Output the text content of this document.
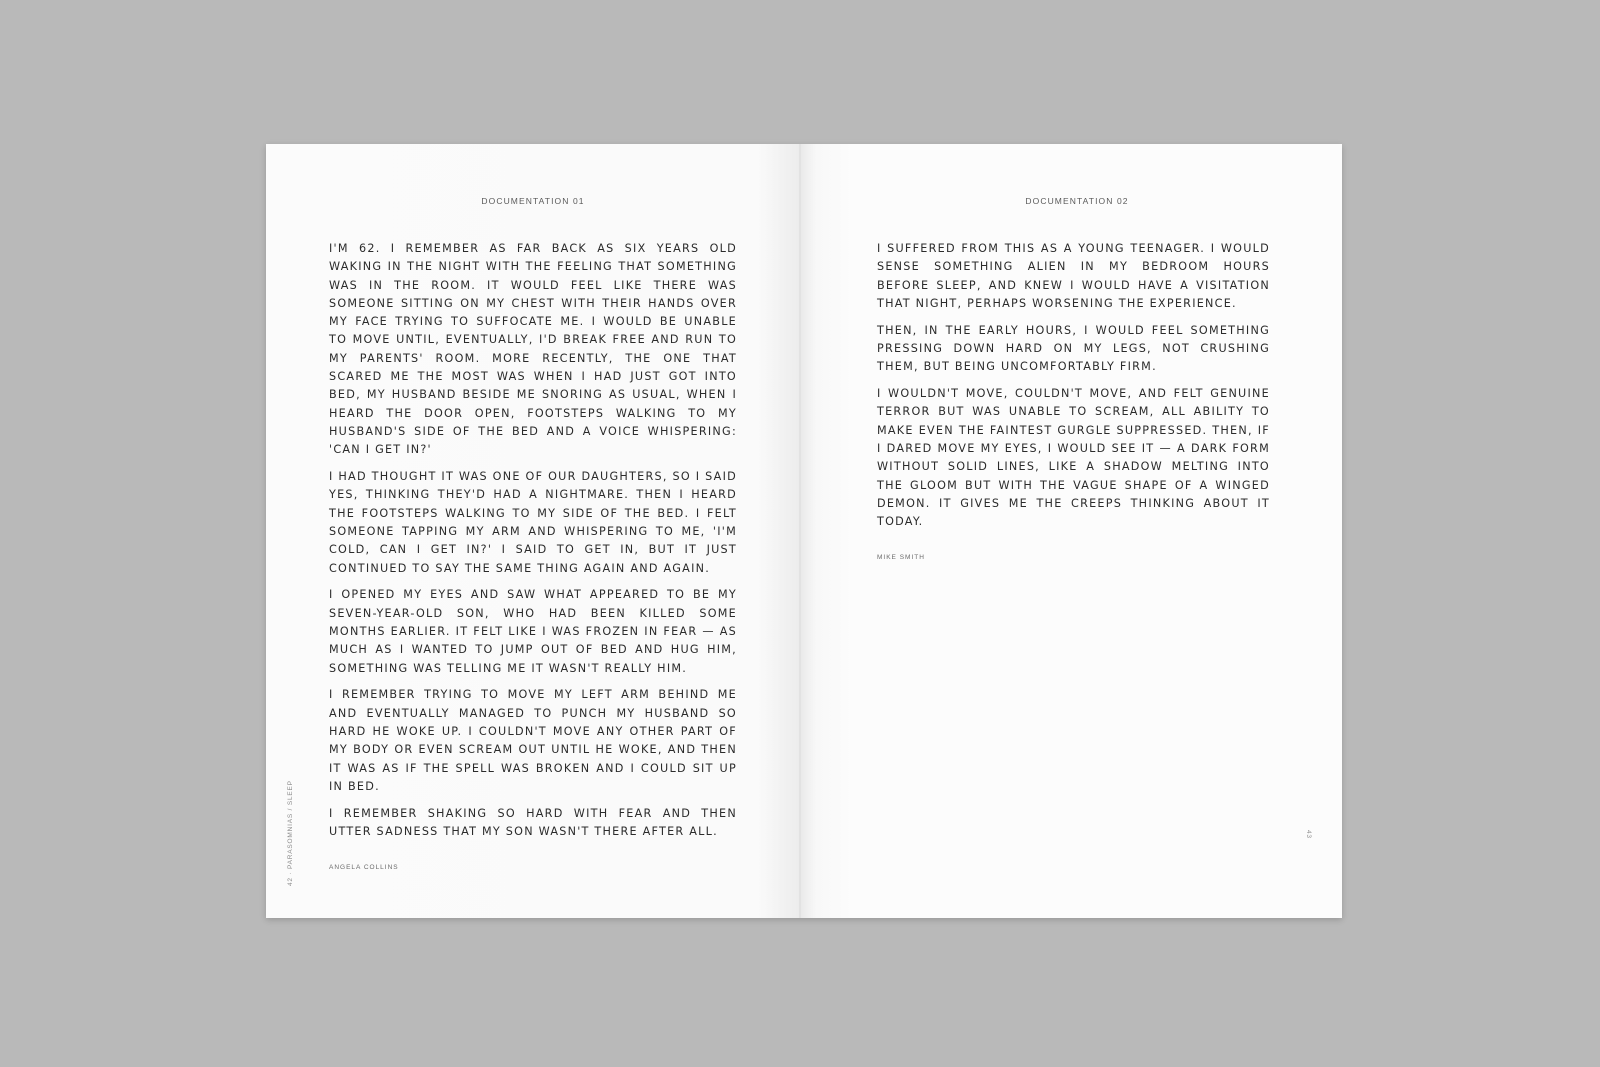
DOCUMENTATION 01

I'M 62. I REMEMBER AS FAR BACK AS SIX YEARS OLD WAKING IN THE NIGHT WITH THE FEELING THAT SOMETHING WAS IN THE ROOM. IT WOULD FEEL LIKE THERE WAS SOMEONE SITTING ON MY CHEST WITH THEIR HANDS OVER MY FACE TRYING TO SUFFOCATE ME. I WOULD BE UNABLE TO MOVE UNTIL, EVENTUALLY, I'D BREAK FREE AND RUN TO MY PARENTS' ROOM. MORE RECENTLY, THE ONE THAT SCARED ME THE MOST WAS WHEN I HAD JUST GOT INTO BED, MY HUSBAND BESIDE ME SNORING AS USUAL, WHEN I HEARD THE DOOR OPEN, FOOTSTEPS WALKING TO MY HUSBAND'S SIDE OF THE BED AND A VOICE WHISPERING: 'CAN I GET IN?'

I HAD THOUGHT IT WAS ONE OF OUR DAUGHTERS, SO I SAID YES, THINKING THEY'D HAD A NIGHTMARE. THEN I HEARD THE FOOTSTEPS WALKING TO MY SIDE OF THE BED. I FELT SOMEONE TAPPING MY ARM AND WHISPERING TO ME, 'I'M COLD, CAN I GET IN?' I SAID TO GET IN, BUT IT JUST CONTINUED TO SAY THE SAME THING AGAIN AND AGAIN.

I OPENED MY EYES AND SAW WHAT APPEARED TO BE MY SEVEN-YEAR-OLD SON, WHO HAD BEEN KILLED SOME MONTHS EARLIER. IT FELT LIKE I WAS FROZEN IN FEAR — AS MUCH AS I WANTED TO JUMP OUT OF BED AND HUG HIM, SOMETHING WAS TELLING ME IT WASN'T REALLY HIM.

I REMEMBER TRYING TO MOVE MY LEFT ARM BEHIND ME AND EVENTUALLY MANAGED TO PUNCH MY HUSBAND SO HARD HE WOKE UP. I COULDN'T MOVE ANY OTHER PART OF MY BODY OR EVEN SCREAM OUT UNTIL HE WOKE, AND THEN IT WAS AS IF THE SPELL WAS BROKEN AND I COULD SIT UP IN BED.

I REMEMBER SHAKING SO HARD WITH FEAR AND THEN UTTER SADNESS THAT MY SON WASN'T THERE AFTER ALL.

ANGELA COLLINS
42 · PARASOMNIAS / SLEEP
DOCUMENTATION 02

I SUFFERED FROM THIS AS A YOUNG TEENAGER. I WOULD SENSE SOMETHING ALIEN IN MY BEDROOM HOURS BEFORE SLEEP, AND KNEW I WOULD HAVE A VISITATION THAT NIGHT, PERHAPS WORSENING THE EXPERIENCE.

THEN, IN THE EARLY HOURS, I WOULD FEEL SOMETHING PRESSING DOWN HARD ON MY LEGS, NOT CRUSHING THEM, BUT BEING UNCOMFORTABLY FIRM.

I WOULDN'T MOVE, COULDN'T MOVE, AND FELT GENUINE TERROR BUT WAS UNABLE TO SCREAM, ALL ABILITY TO MAKE EVEN THE FAINTEST GURGLE SUPPRESSED. THEN, IF I DARED MOVE MY EYES, I WOULD SEE IT — A DARK FORM WITHOUT SOLID LINES, LIKE A SHADOW MELTING INTO THE GLOOM BUT WITH THE VAGUE SHAPE OF A WINGED DEMON. IT GIVES ME THE CREEPS THINKING ABOUT IT TODAY.

MIKE SMITH
43
